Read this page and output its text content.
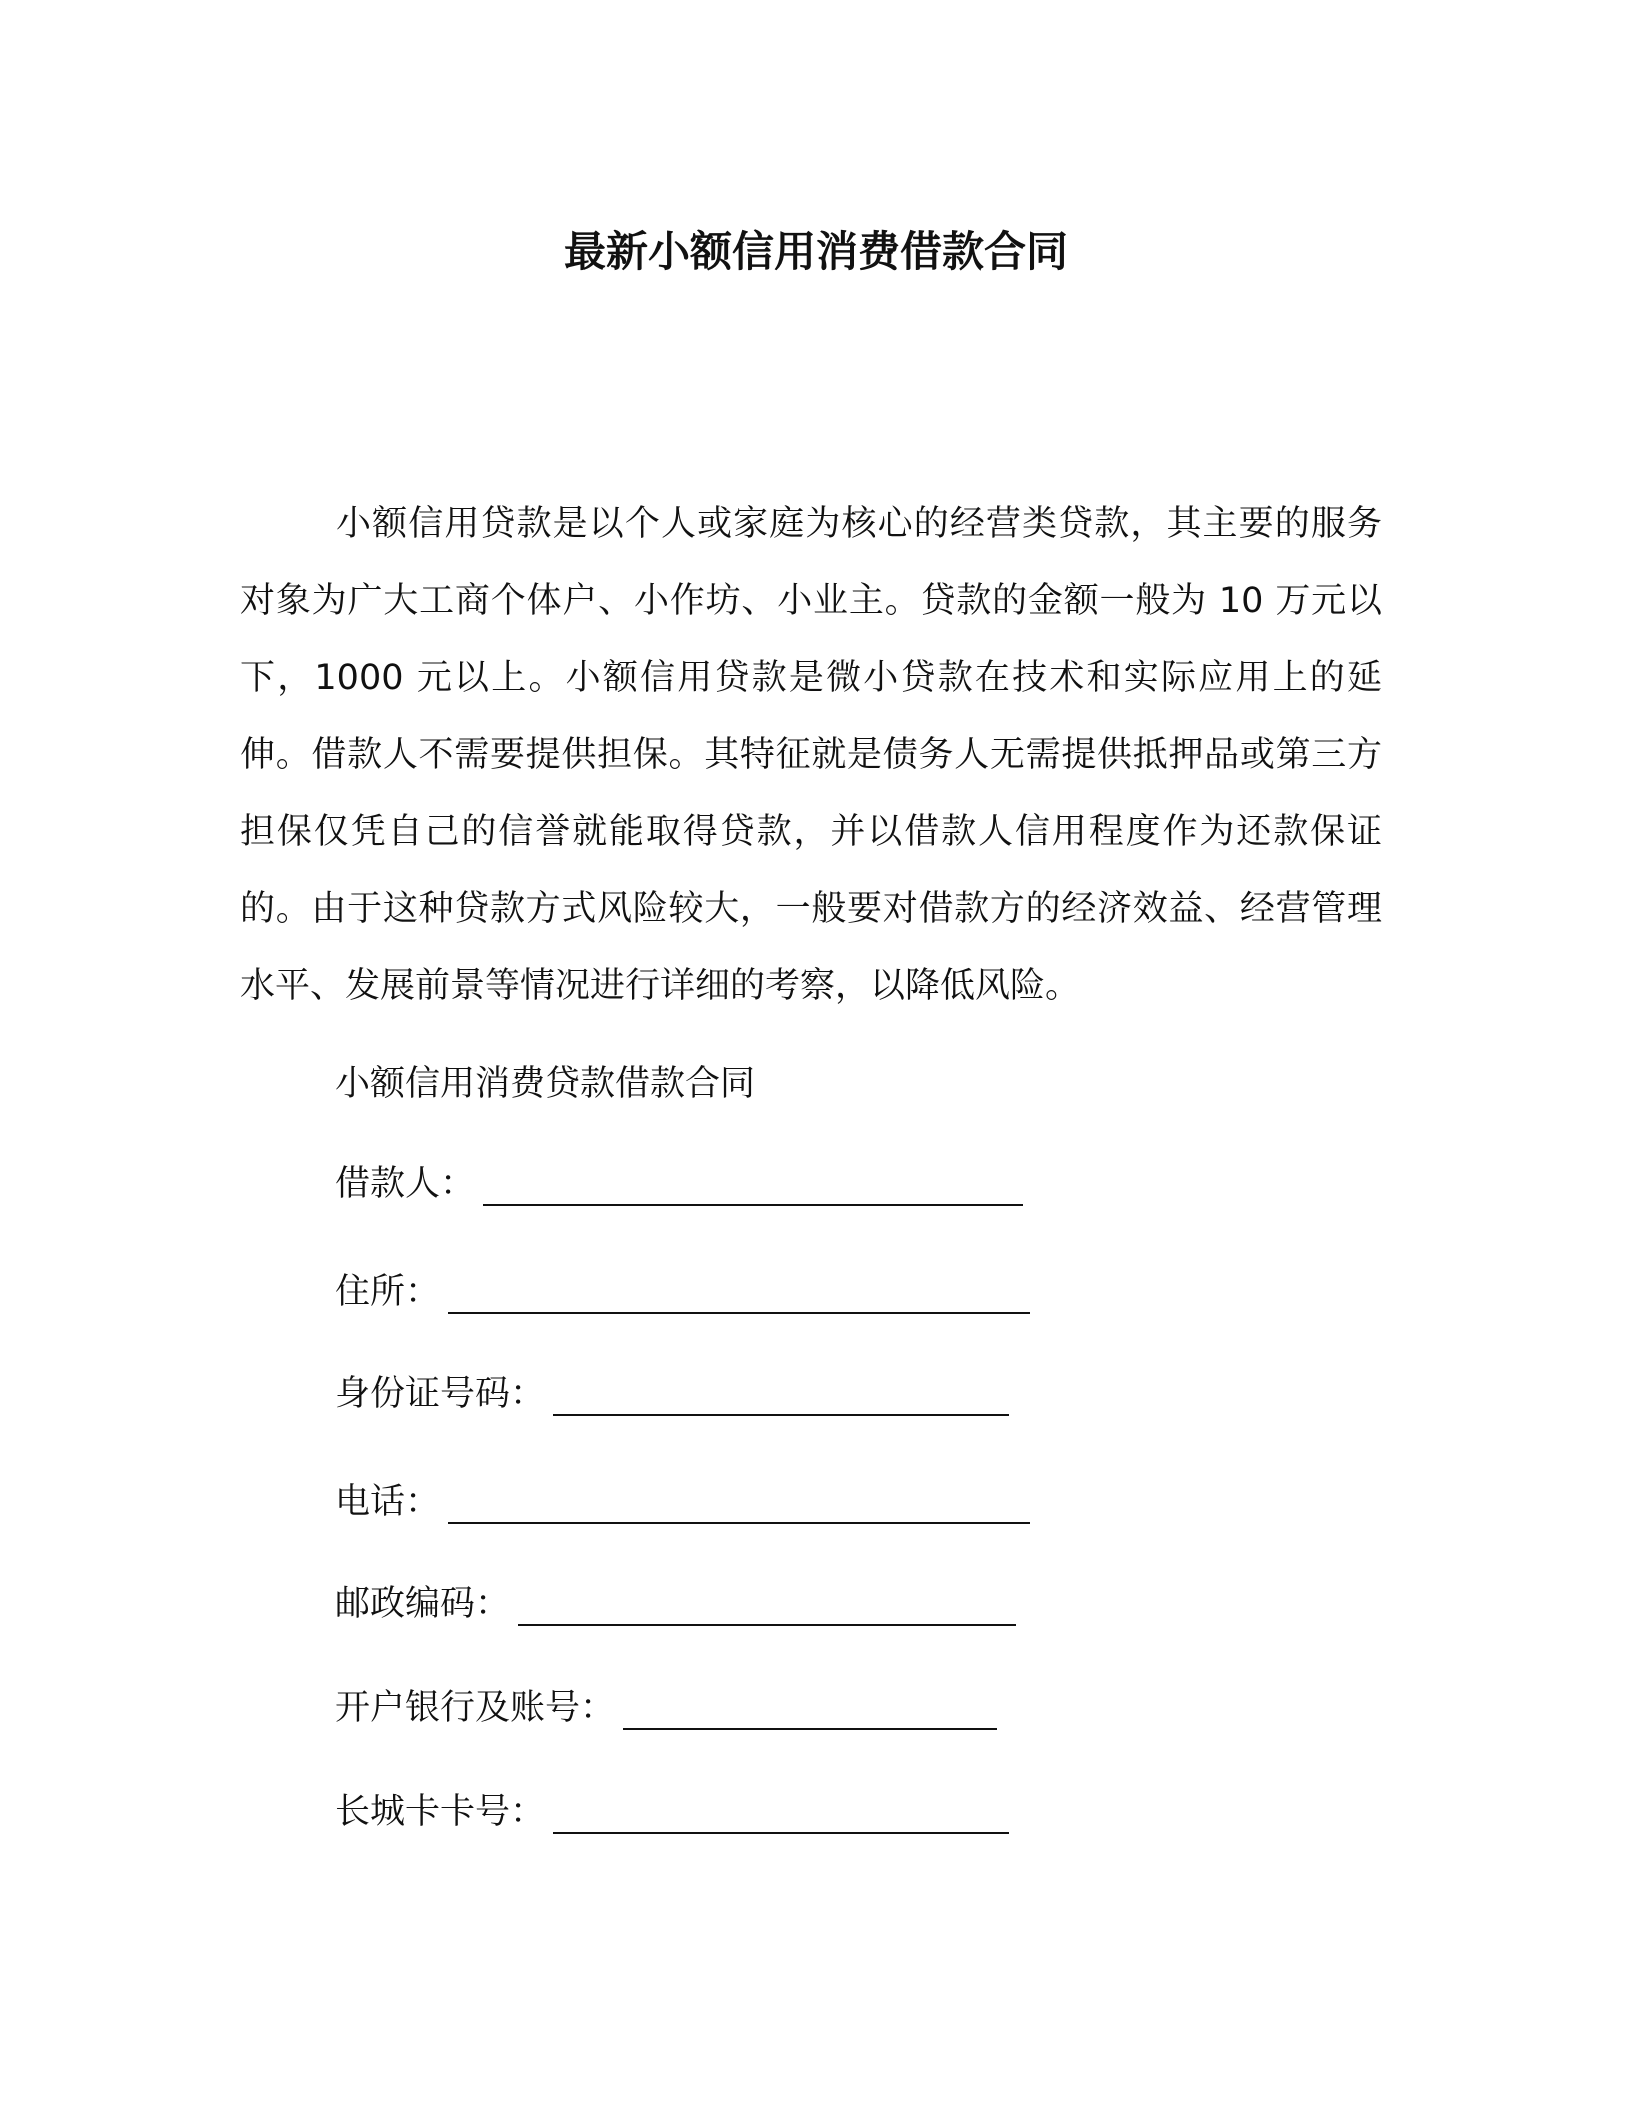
最新小额信用消费借款合同

小额信用贷款是以个人或家庭为核心的经营类贷款，其主要的服务对象为广大工商个体户、小作坊、小业主。贷款的金额一般为 10 万元以下，1000 元以上。小额信用贷款是微小贷款在技术和实际应用上的延伸。借款人不需要提供担保。其特征就是债务人无需提供抵押品或第三方担保仅凭自己的信誉就能取得贷款，并以借款人信用程度作为还款保证的。由于这种贷款方式风险较大，一般要对借款方的经济效益、经营管理水平、发展前景等情况进行详细的考察，以降低风险。

小额信用消费贷款借款合同

借款人：
住所：
身份证号码：
电话：
邮政编码：
开户银行及账号：
长城卡卡号：
